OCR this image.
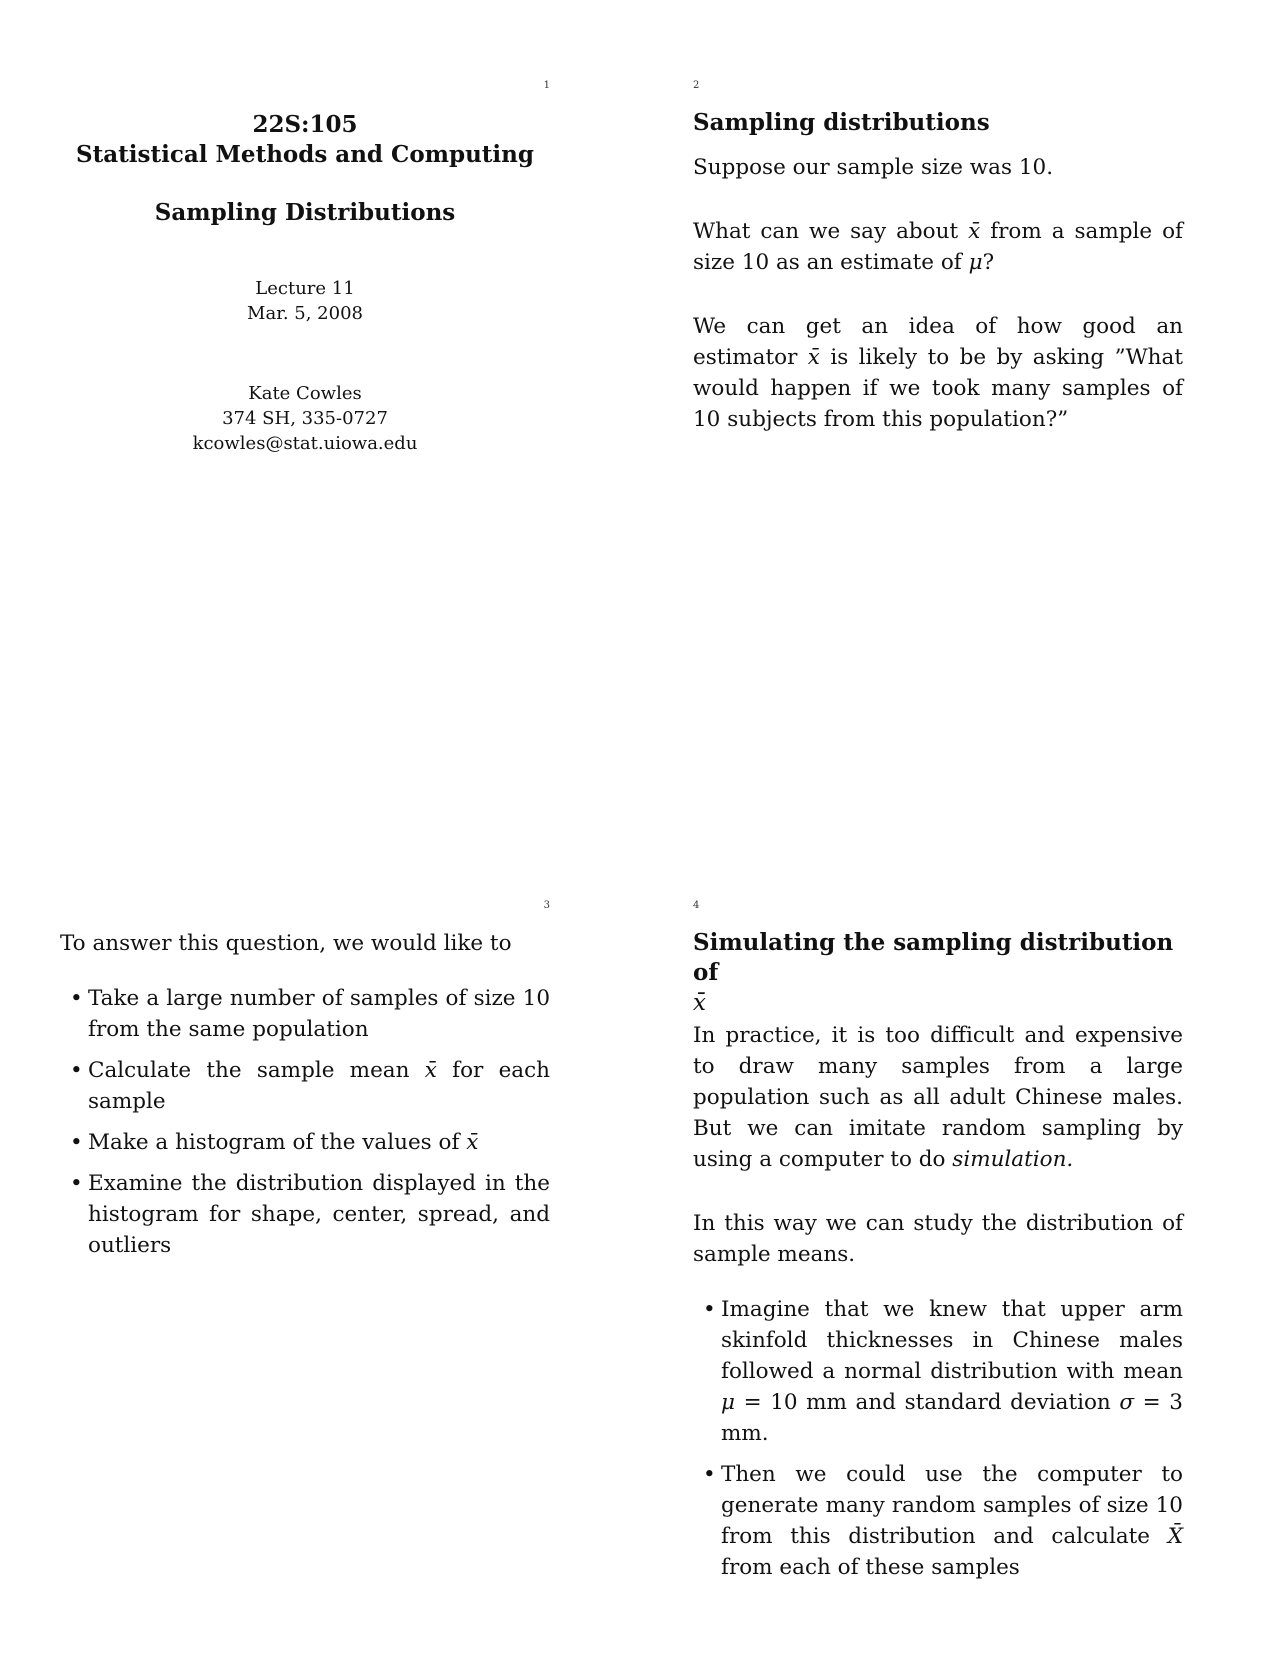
1
22S:105
Statistical Methods and Computing
Sampling Distributions
Lecture 11
Mar. 5, 2008
Kate Cowles
374 SH, 335-0727
kcowles@stat.uiowa.edu
2
Sampling distributions

Suppose our sample size was 10.

What can we say about x̄ from a sample of size 10 as an estimate of μ?

We can get an idea of how good an estimator x̄ is likely to be by asking ”What would happen if we took many samples of 10 subjects from this population?”

3

To answer this question, we would like to

• Take a large number of samples of size 10 from the same population
• Calculate the sample mean x̄ for each sample
• Make a histogram of the values of x̄
• Examine the distribution displayed in the histogram for shape, center, spread, and outliers
4
Simulating the sampling distribution of
x̄

In practice, it is too difficult and expensive to draw many samples from a large population such as all adult Chinese males. But we can imitate random sampling by using a computer to do simulation.

In this way we can study the distribution of sample means.

• Imagine that we knew that upper arm skinfold thicknesses in Chinese males followed a normal distribution with mean μ = 10 mm and standard deviation σ = 3 mm.
• Then we could use the computer to generate many random samples of size 10 from this distribution and calculate X̄ from each of these samples
